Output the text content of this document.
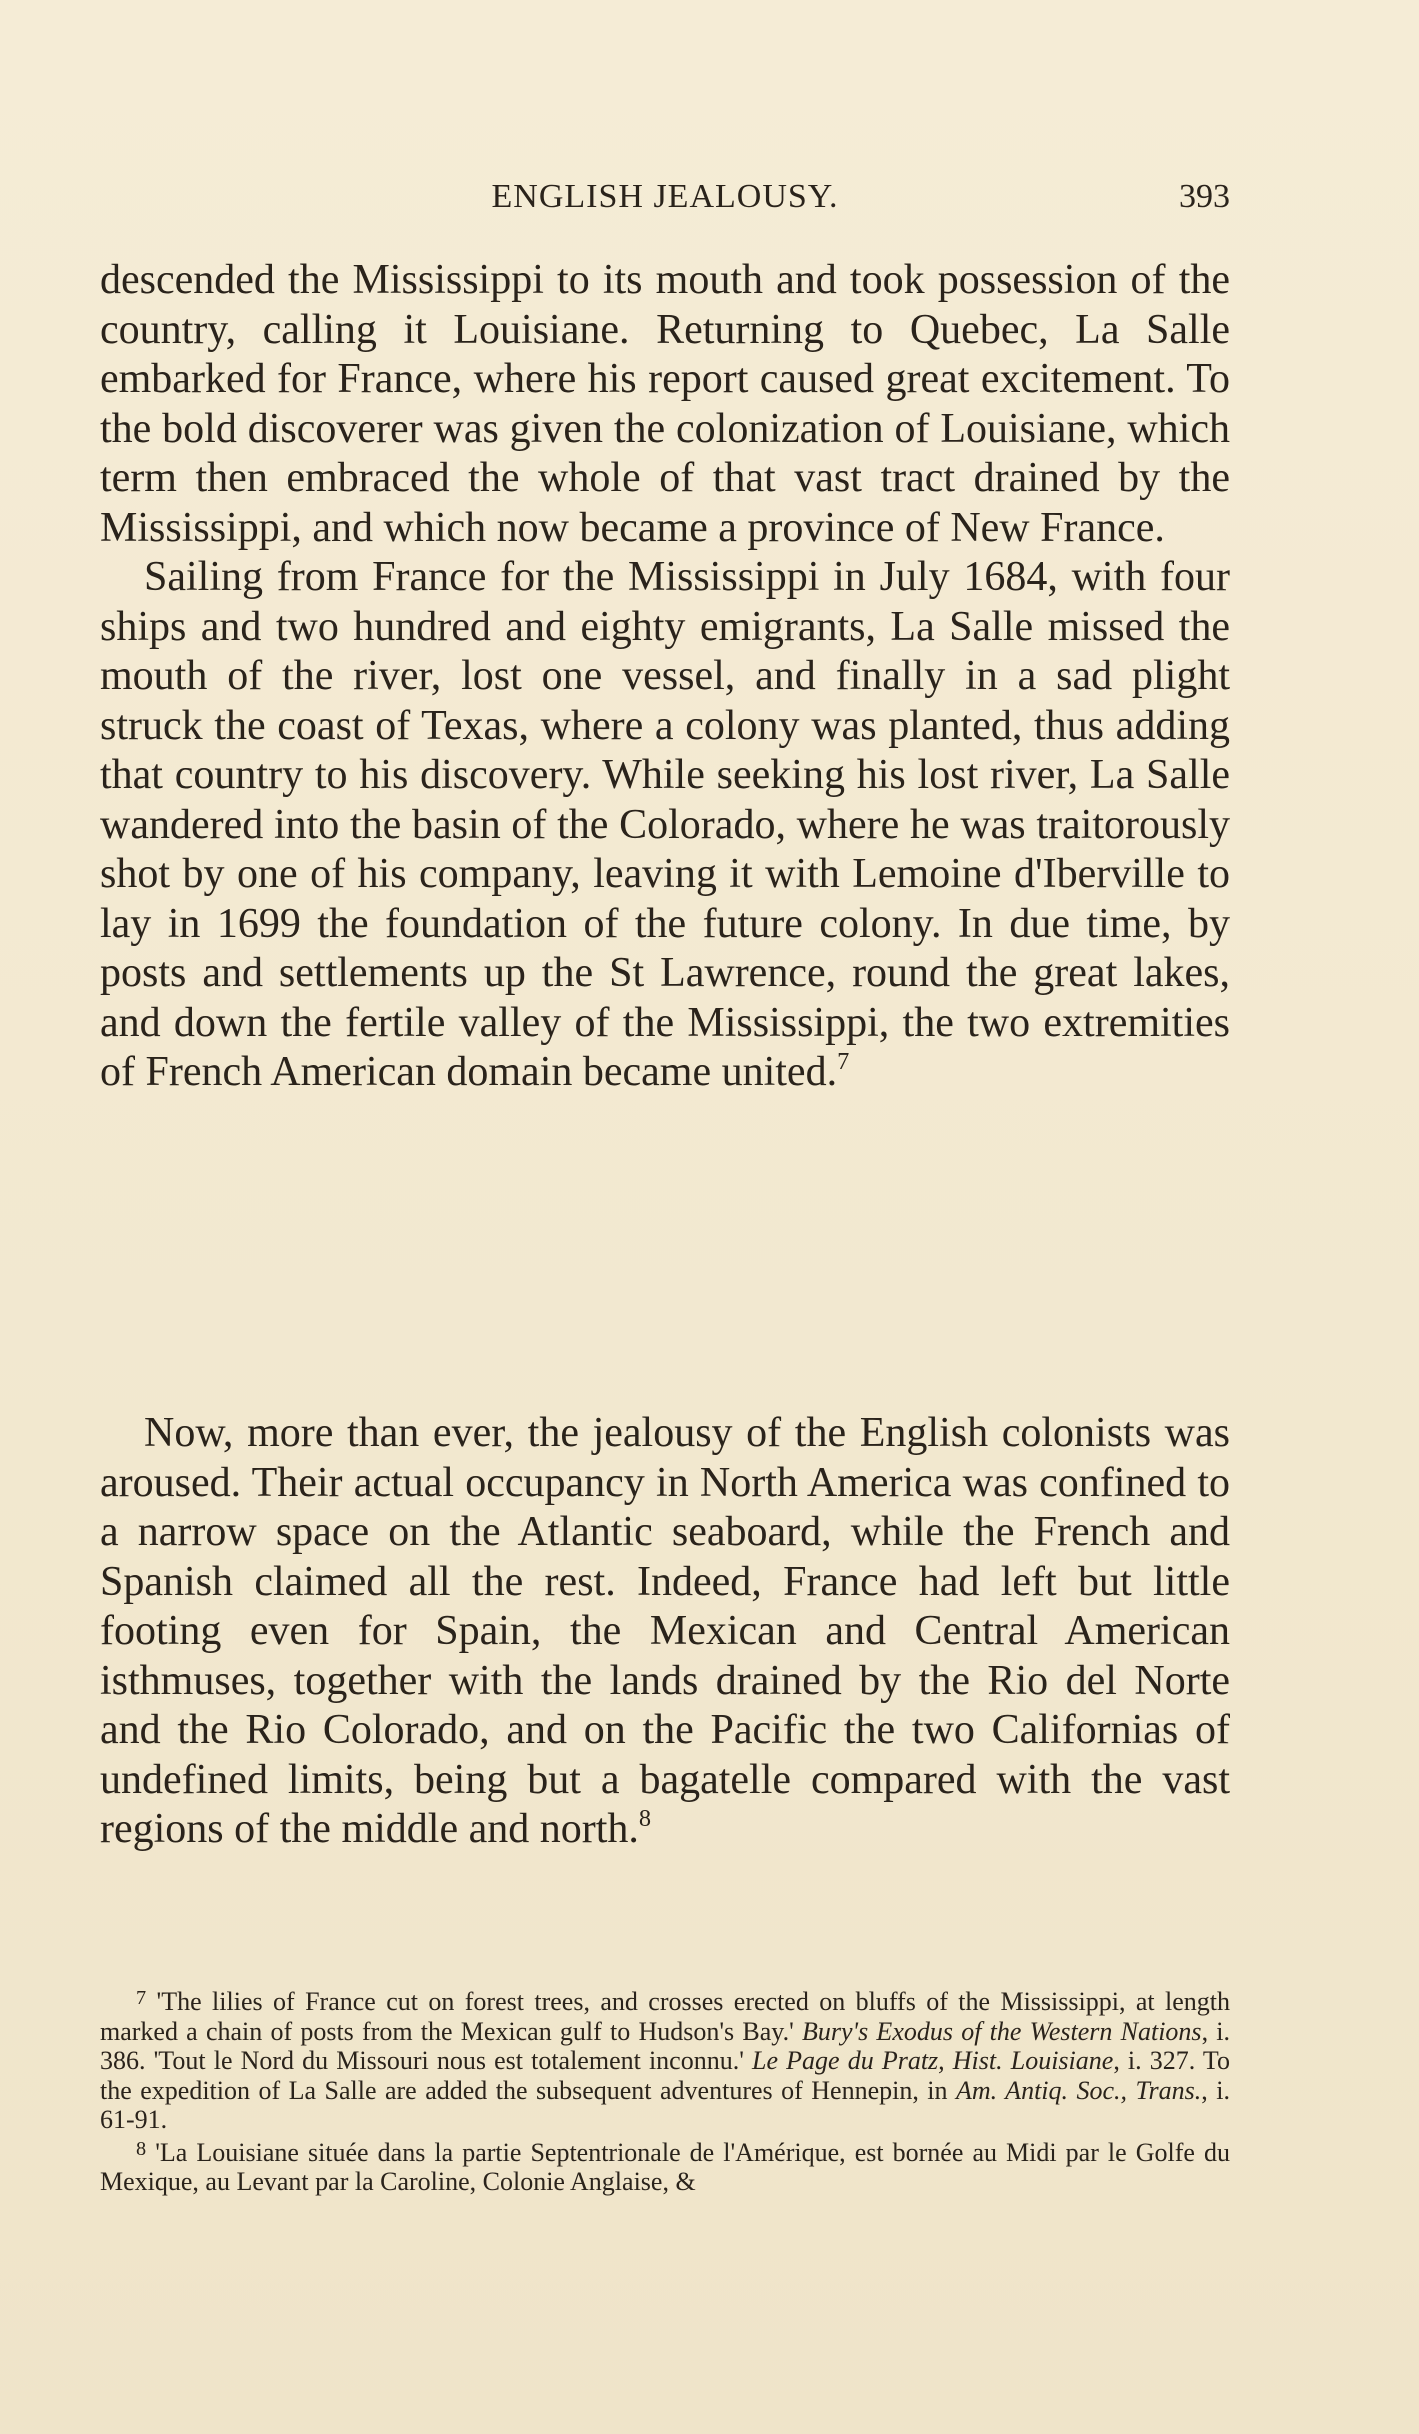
ENGLISH JEALOUSY.	393

descended the Mississippi to its mouth and took possession of the country, calling it Louisiane. Returning to Quebec, La Salle embarked for France, where his report caused great excitement. To the bold discoverer was given the colonization of Louisiane, which term then embraced the whole of that vast tract drained by the Mississippi, and which now became a province of New France.

Sailing from France for the Mississippi in July 1684, with four ships and two hundred and eighty emigrants, La Salle missed the mouth of the river, lost one vessel, and finally in a sad plight struck the coast of Texas, where a colony was planted, thus adding that country to his discovery. While seeking his lost river, La Salle wandered into the basin of the Colorado, where he was traitorously shot by one of his company, leaving it with Lemoine d'Iberville to lay in 1699 the foundation of the future colony. In due time, by posts and settlements up the St Lawrence, round the great lakes, and down the fertile valley of the Mississippi, the two extremities of French American domain became united.$^7$

Now, more than ever, the jealousy of the English colonists was aroused. Their actual occupancy in North America was confined to a narrow space on the Atlantic seaboard, while the French and Spanish claimed all the rest. Indeed, France had left but little footing even for Spain, the Mexican and Central American isthmuses, together with the lands drained by the Rio del Norte and the Rio Colorado, and on the Pacific the two Californias of undefined limits, being but a bagatelle compared with the vast regions of the middle and north.$^8$

$^7$ 'The lilies of France cut on forest trees, and crosses erected on bluffs of the Mississippi, at length marked a chain of posts from the Mexican gulf to Hudson's Bay.' Bury's Exodus of the Western Nations, i. 386. 'Tout le Nord du Missouri nous est totalement inconnu.' Le Page du Pratz, Hist. Louisiane, i. 327. To the expedition of La Salle are added the subsequent adventures of Hennepin, in Am. Antiq. Soc., Trans., i. 61-91.

$^8$ 'La Louisiane située dans la partie Septentrionale de l'Amérique, est bornée au Midi par le Golfe du Mexique, au Levant par la Caroline, Colonie Anglaise, &
